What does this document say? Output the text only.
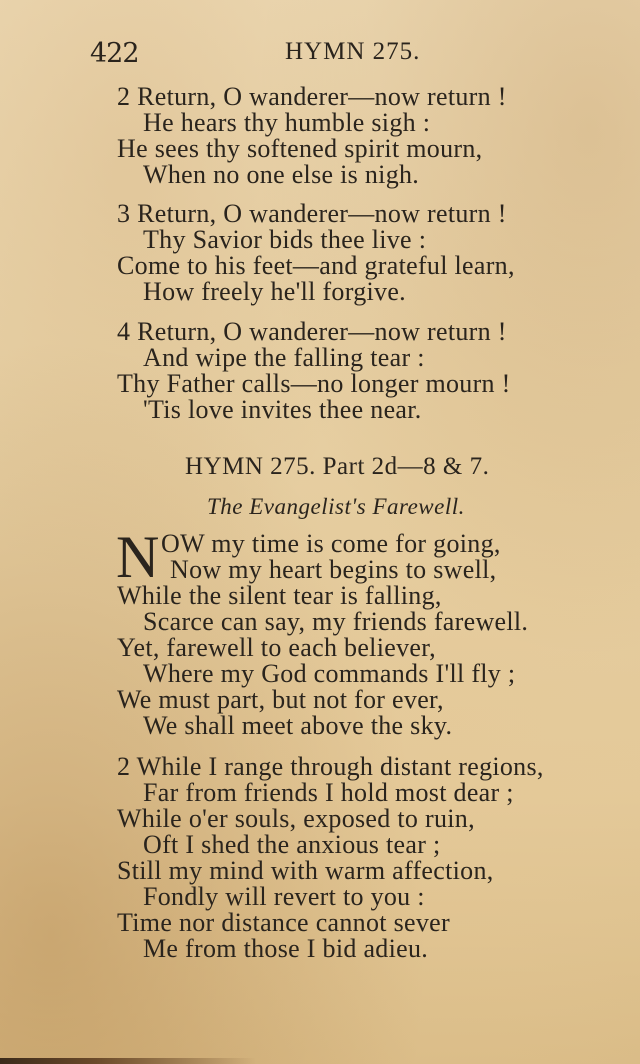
422	HYMN 275.
2 Return, O wanderer—now return !
He hears thy humble sigh :
He sees thy softened spirit mourn,
When no one else is nigh.
3 Return, O wanderer—now return !
Thy Savior bids thee live :
Come to his feet—and grateful learn,
How freely he'll forgive.
4 Return, O wanderer—now return !
And wipe the falling tear :
Thy Father calls—no longer mourn !
'Tis love invites thee near.
HYMN 275. Part 2d—8 & 7.
The Evangelist's Farewell.
N OW my time is come for going,
Now my heart begins to swell,
While the silent tear is falling,
Scarce can say, my friends farewell.
Yet, farewell to each believer,
Where my God commands I'll fly ;
We must part, but not for ever,
We shall meet above the sky.
2 While I range through distant regions,
Far from friends I hold most dear ;
While o'er souls, exposed to ruin,
Oft I shed the anxious tear ;
Still my mind with warm affection,
Fondly will revert to you :
Time nor distance cannot sever
Me from those I bid adieu.
